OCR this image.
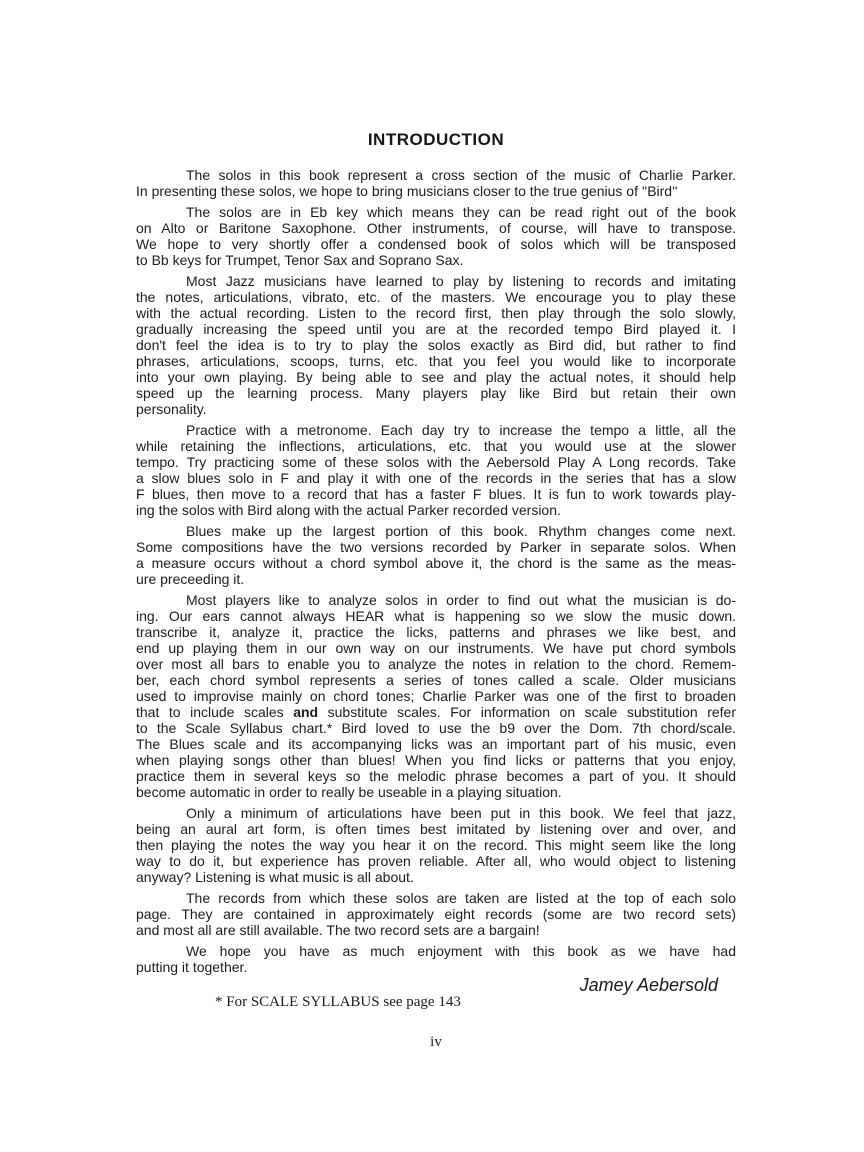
INTRODUCTION
The solos in this book represent a cross section of the music of Charlie Parker.
In presenting these solos, we hope to bring musicians closer to the true genius of ''Bird''
The solos are in Eb key which means they can be read right out of the book
on Alto or Baritone Saxophone. Other instruments, of course, will have to transpose.
We hope to very shortly offer a condensed book of solos which will be transposed
to Bb keys for Trumpet, Tenor Sax and Soprano Sax.
Most Jazz musicians have learned to play by listening to records and imitating
the notes, articulations, vibrato, etc. of the masters. We encourage you to play these
with the actual recording. Listen to the record first, then play through the solo slowly,
gradually increasing the speed until you are at the recorded tempo Bird played it. I
don't feel the idea is to try to play the solos exactly as Bird did, but rather to find
phrases, articulations, scoops, turns, etc. that you feel you would like to incorporate
into your own playing. By being able to see and play the actual notes, it should help
speed up the learning process. Many players play like Bird but retain their own
personality.
Practice with a metronome. Each day try to increase the tempo a little, all the
while retaining the inflections, articulations, etc. that you would use at the slower
tempo. Try practicing some of these solos with the Aebersold Play A Long records. Take
a slow blues solo in F and play it with one of the records in the series that has a slow
F blues, then move to a record that has a faster F blues. It is fun to work towards play-
ing the solos with Bird along with the actual Parker recorded version.
Blues make up the largest portion of this book. Rhythm changes come next.
Some compositions have the two versions recorded by Parker in separate solos. When
a measure occurs without a chord symbol above it, the chord is the same as the meas-
ure preceeding it.
Most players like to analyze solos in order to find out what the musician is do-
ing. Our ears cannot always HEAR what is happening so we slow the music down.
transcribe it, analyze it, practice the licks, patterns and phrases we like best, and
end up playing them in our own way on our instruments. We have put chord symbols
over most all bars to enable you to analyze the notes in relation to the chord. Remem-
ber, each chord symbol represents a series of tones called a scale. Older musicians
used to improvise mainly on chord tones; Charlie Parker was one of the first to broaden
that to include scales and substitute scales. For information on scale substitution refer
to the Scale Syllabus chart.* Bird loved to use the b9 over the Dom. 7th chord/scale.
The Blues scale and its accompanying licks was an important part of his music, even
when playing songs other than blues! When you find licks or patterns that you enjoy,
practice them in several keys so the melodic phrase becomes a part of you. It should
become automatic in order to really be useable in a playing situation.
Only a minimum of articulations have been put in this book. We feel that jazz,
being an aural art form, is often times best imitated by listening over and over, and
then playing the notes the way you hear it on the record. This might seem like the long
way to do it, but experience has proven reliable. After all, who would object to listening
anyway? Listening is what music is all about.
The records from which these solos are taken are listed at the top of each solo
page. They are contained in approximately eight records (some are two record sets)
and most all are still available. The two record sets are a bargain!
We hope you have as much enjoyment with this book as we have had
putting it together.
Jamey Aebersold
* For SCALE SYLLABUS see page 143
iv
